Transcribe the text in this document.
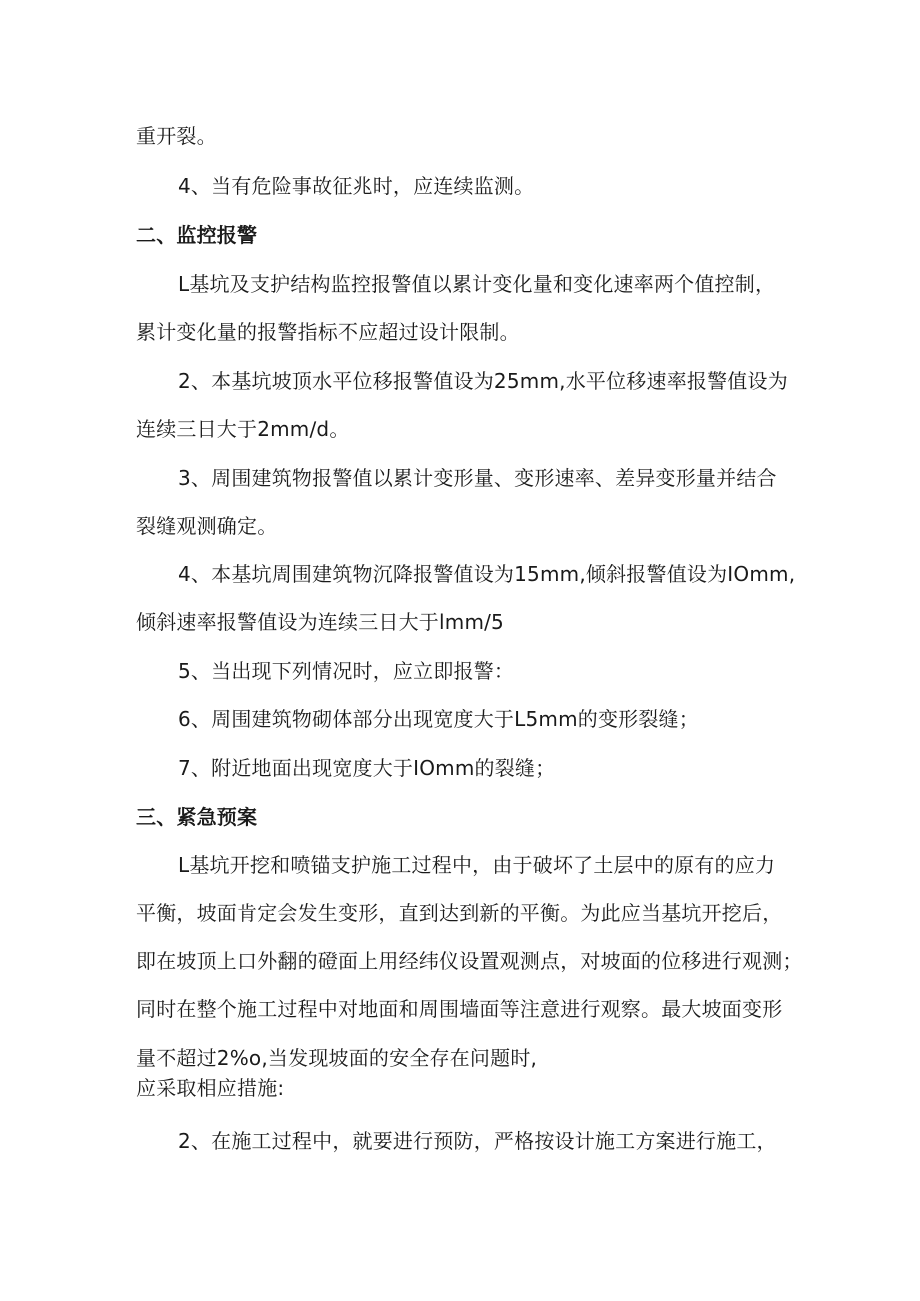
重开裂。
4、当有危险事故征兆时，应连续监测。
二、监控报警
L基坑及支护结构监控报警值以累计变化量和变化速率两个值控制，
累计变化量的报警指标不应超过设计限制。
2、本基坑坡顶水平位移报警值设为25mm,水平位移速率报警值设为
连续三日大于2mm∕d。
3、周围建筑物报警值以累计变形量、变形速率、差异变形量并结合
裂缝观测确定。
4、本基坑周围建筑物沉降报警值设为15mm,倾斜报警值设为IOmm,
倾斜速率报警值设为连续三日大于lmm/5
5、当出现下列情况时，应立即报警：
6、周围建筑物砌体部分出现宽度大于L5mm的变形裂缝；
7、附近地面出现宽度大于IOmm的裂缝；
三、紧急预案
L基坑开挖和喷锚支护施工过程中，由于破坏了土层中的原有的应力
平衡，坡面肯定会发生变形，直到达到新的平衡。为此应当基坑开挖后，
即在坡顶上口外翻的磴面上用经纬仪设置观测点，对坡面的位移进行观测；
同时在整个施工过程中对地面和周围墙面等注意进行观察。最大坡面变形
量不超过2%o,当发现坡面的安全存在问题时,
应采取相应措施:
2、在施工过程中，就要进行预防，严格按设计施工方案进行施工，
